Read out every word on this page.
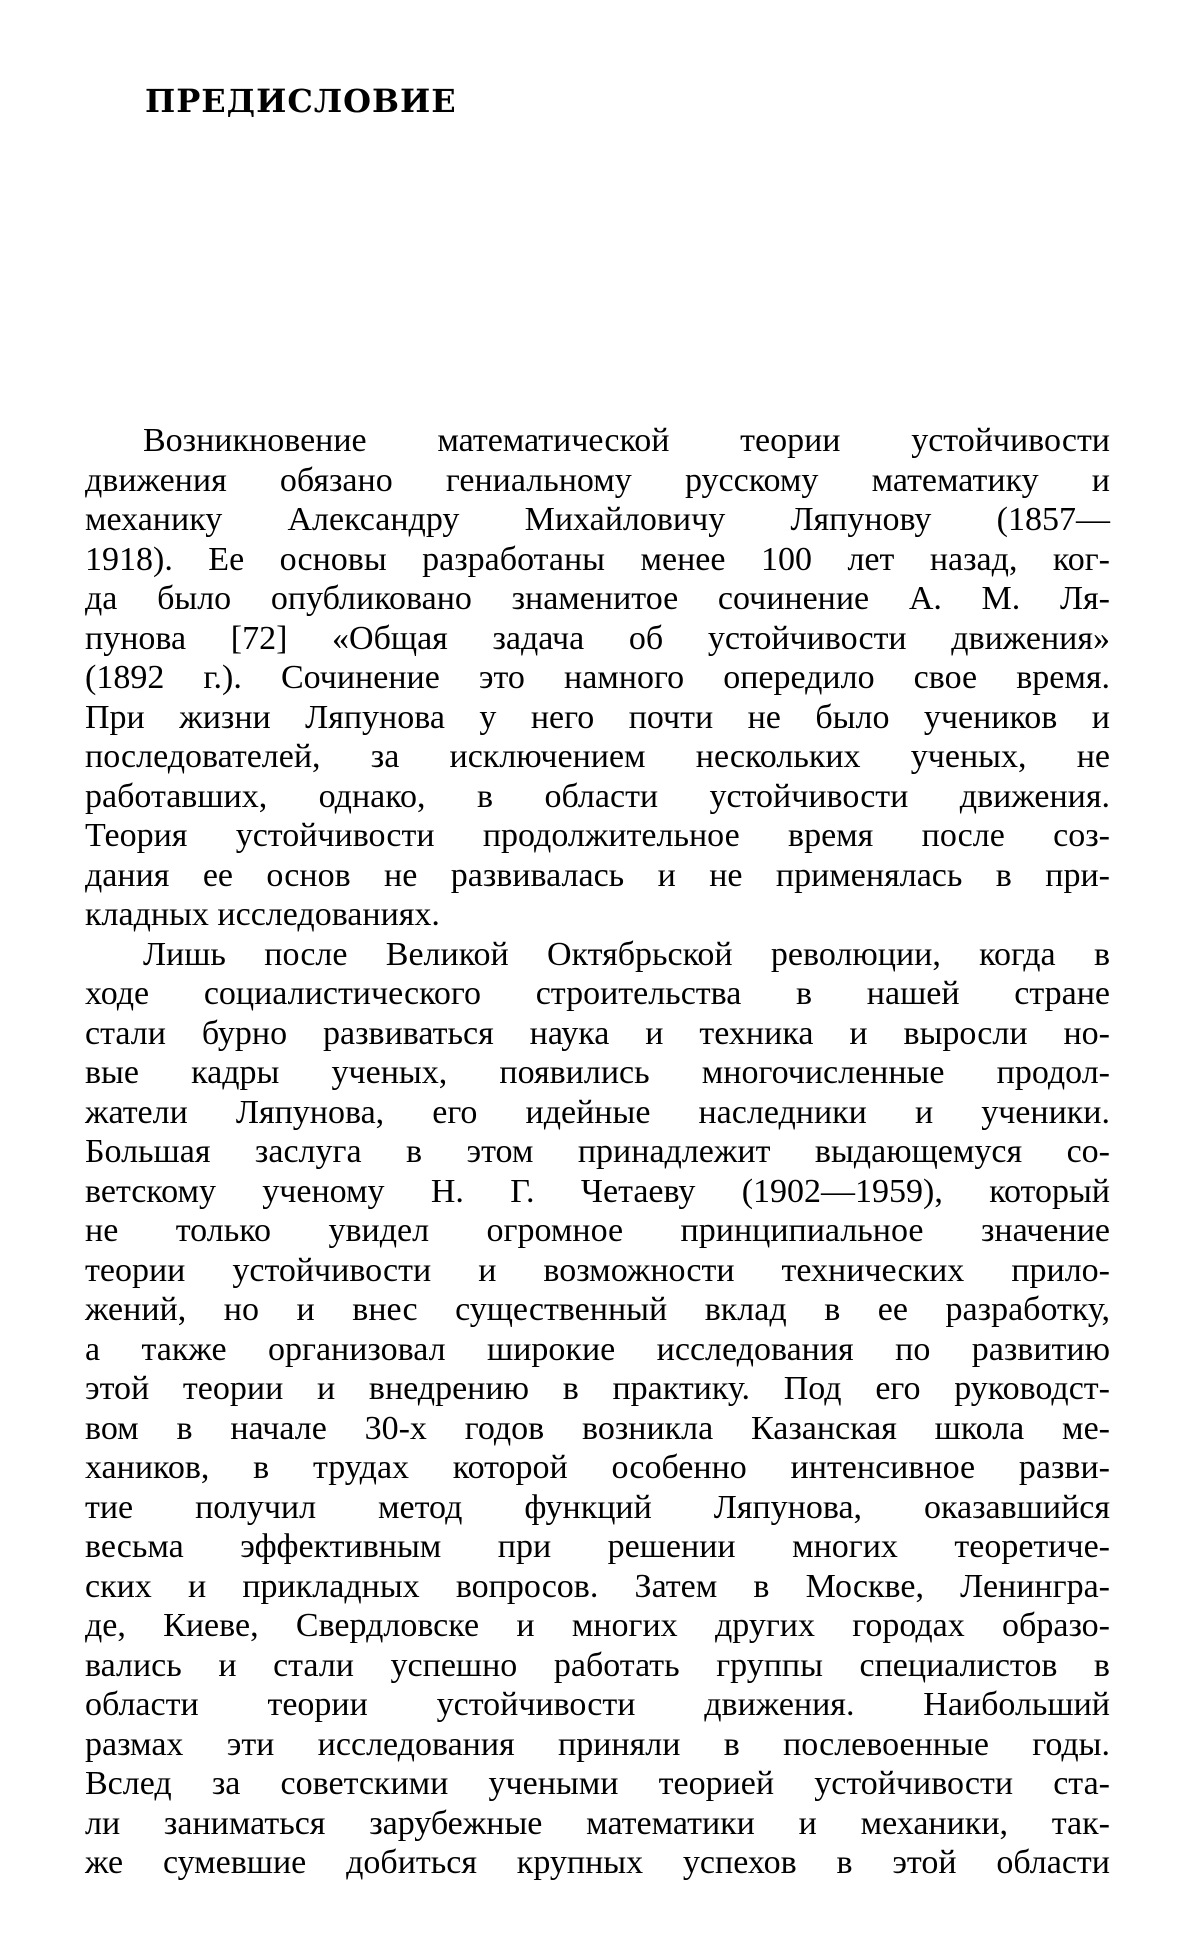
ПРЕДИСЛОВИЕ
Возникновение математической теории устойчивости
движения обязано гениальному русскому математику и
механику Александру Михайловичу Ляпунову (1857—
1918). Ее основы разработаны менее 100 лет назад, ког-
да было опубликовано знаменитое сочинение А. М. Ля-
пунова [72] «Общая задача об устойчивости движения»
(1892 г.). Сочинение это намного опередило свое время.
При жизни Ляпунова у него почти не было учеников и
последователей, за исключением нескольких ученых, не
работавших, однако, в области устойчивости движения.
Теория устойчивости продолжительное время после соз-
дания ее основ не развивалась и не применялась в при-
кладных исследованиях.
Лишь после Великой Октябрьской революции, когда в
ходе социалистического строительства в нашей стране
стали бурно развиваться наука и техника и выросли но-
вые кадры ученых, появились многочисленные продол-
жатели Ляпунова, его идейные наследники и ученики.
Большая заслуга в этом принадлежит выдающемуся со-
ветскому ученому Н. Г. Четаеву (1902—1959), который
не только увидел огромное принципиальное значение
теории устойчивости и возможности технических прило-
жений, но и внес существенный вклад в ее разработку,
а также организовал широкие исследования по развитию
этой теории и внедрению в практику. Под его руководст-
вом в начале 30-х годов возникла Казанская школа ме-
хаников, в трудах которой особенно интенсивное разви-
тие получил метод функций Ляпунова, оказавшийся
весьма эффективным при решении многих теоретиче-
ских и прикладных вопросов. Затем в Москве, Ленингра-
де, Киеве, Свердловске и многих других городах образо-
вались и стали успешно работать группы специалистов в
области теории устойчивости движения. Наибольший
размах эти исследования приняли в послевоенные годы.
Вслед за советскими учеными теорией устойчивости ста-
ли заниматься зарубежные математики и механики, так-
же сумевшие добиться крупных успехов в этой области
